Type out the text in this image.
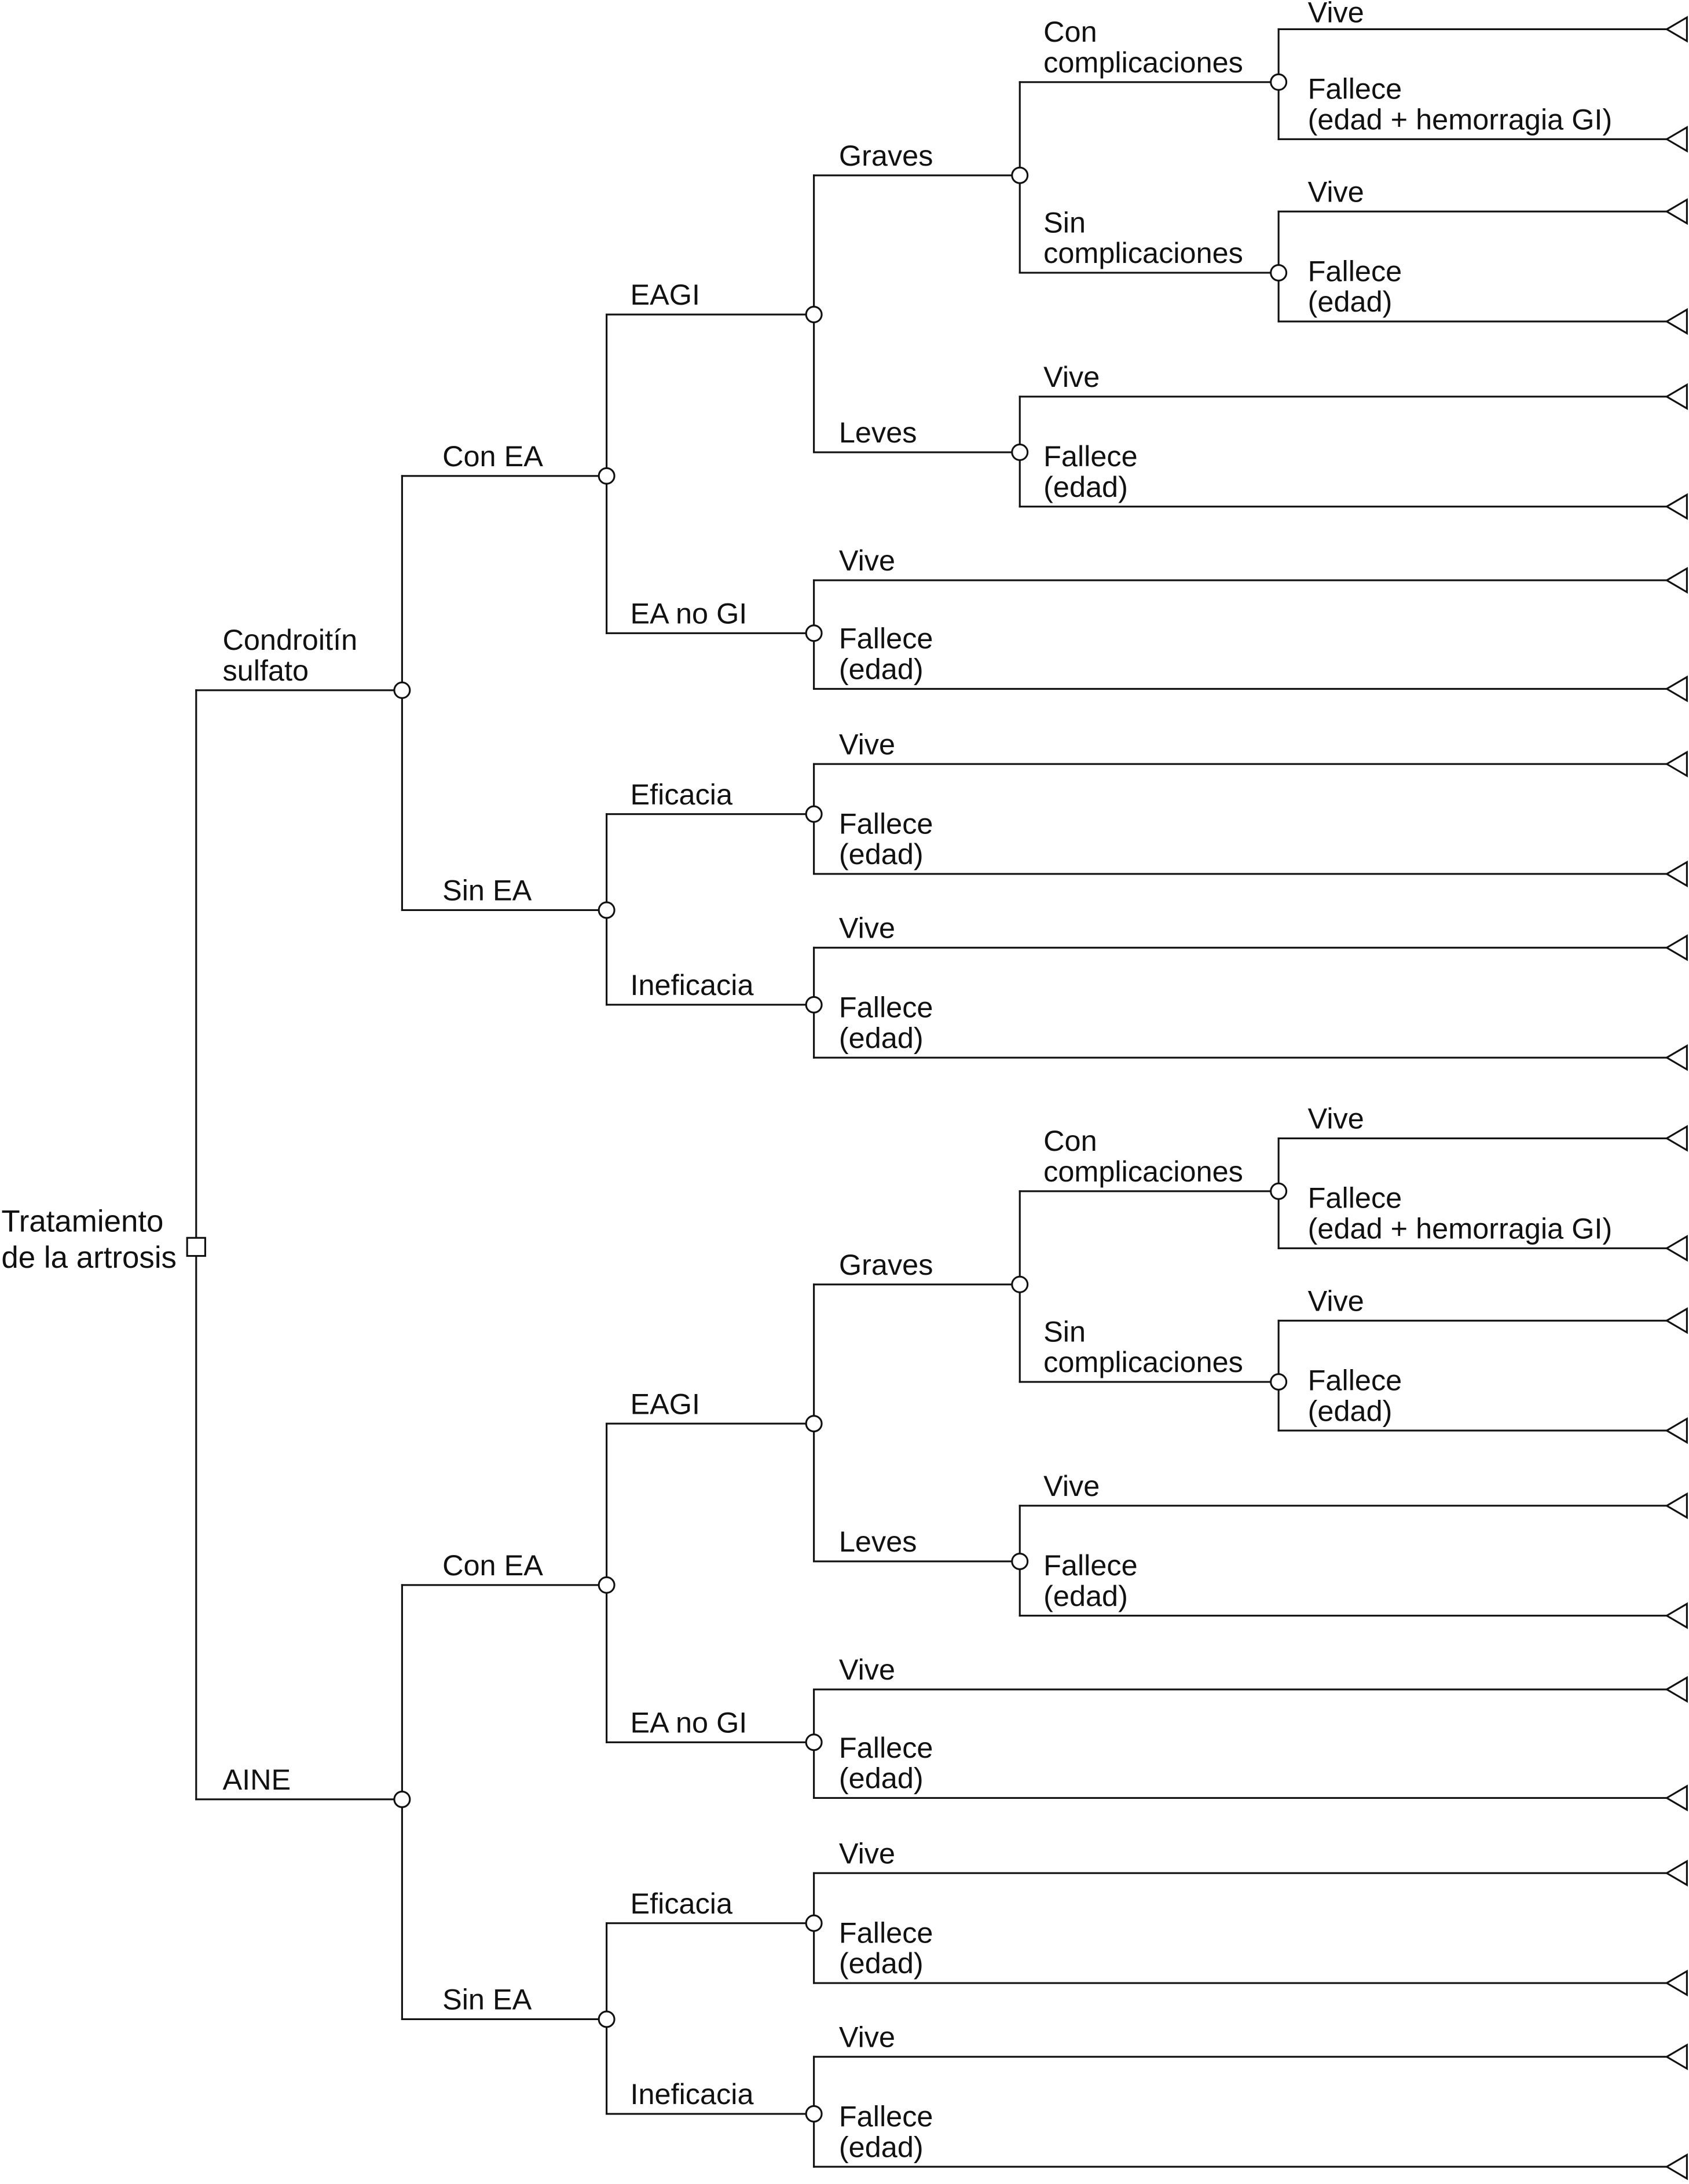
Condroitín
sulfato
Con EA
EAGI
Graves
Con
complicaciones
Vive
Fallece
(edad + hemorragia GI)
Sin
complicaciones
Vive
Fallece
(edad)
Leves
Vive
Fallece
(edad)
EA no GI
Vive
Fallece
(edad)
Sin EA
Eficacia
Vive
Fallece
(edad)
Ineficacia
Vive
Fallece
(edad)
AINE
Con EA
EAGI
Graves
Con
complicaciones
Vive
Fallece
(edad + hemorragia GI)
Sin
complicaciones
Vive
Fallece
(edad)
Leves
Vive
Fallece
(edad)
EA no GI
Vive
Fallece
(edad)
Sin EA
Eficacia
Vive
Fallece
(edad)
Ineficacia
Vive
Fallece
(edad)
Tratamiento
de la artrosis
